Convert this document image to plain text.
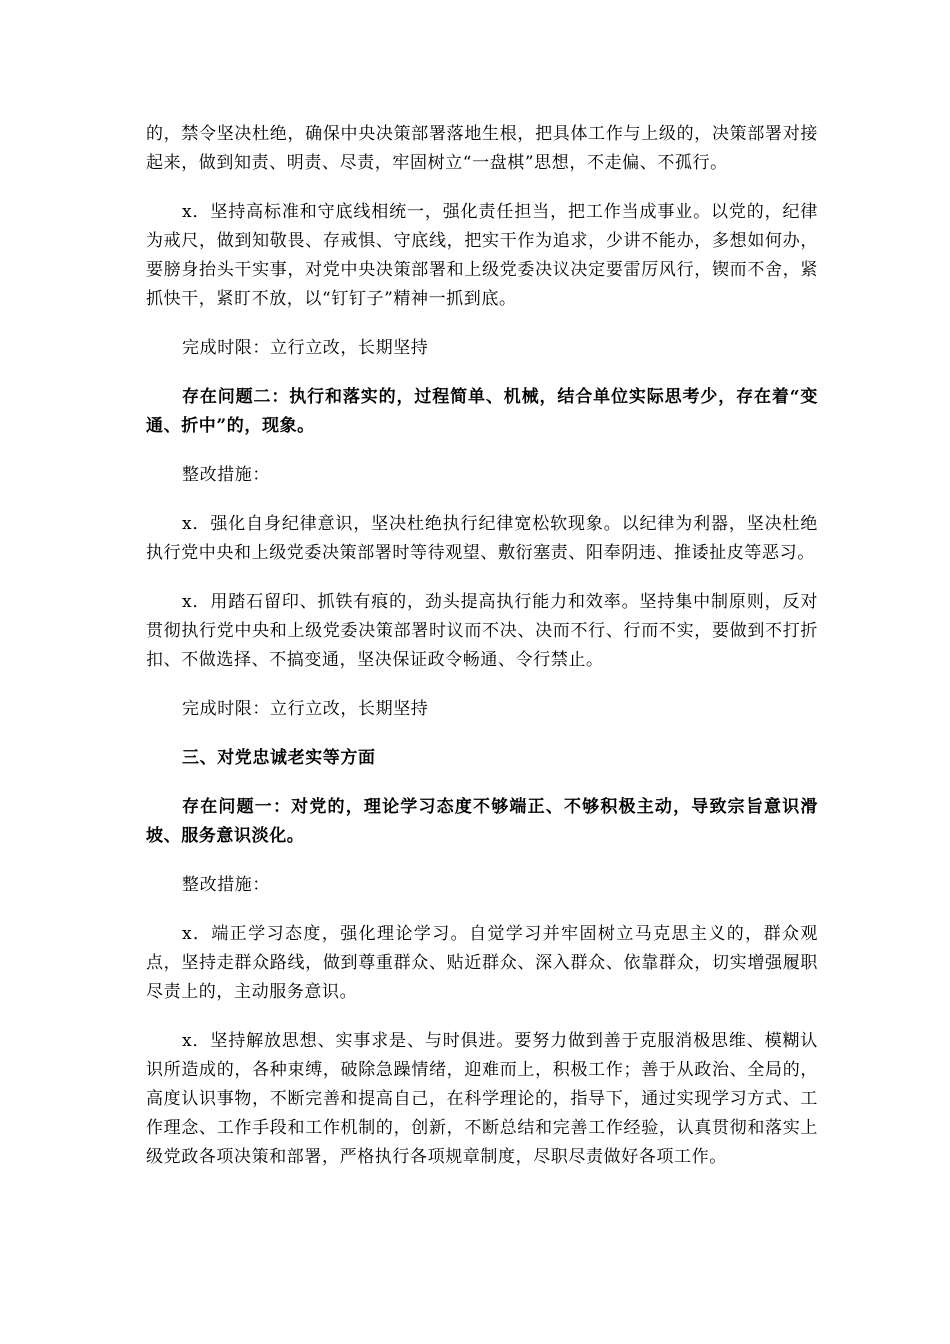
的，禁令坚决杜绝，确保中央决策部署落地生根，把具体工作与上级的，决策部署对接起来，做到知责、明责、尽责，牢固树立“一盘棋”思想，不走偏、不孤行。

x．坚持高标准和守底线相统一，强化责任担当，把工作当成事业。以党的，纪律为戒尺，做到知敬畏、存戒惧、守底线，把实干作为追求，少讲不能办，多想如何办，要膀身抬头干实事，对党中央决策部署和上级党委决议决定要雷厉风行，锲而不舍，紧抓快干，紧盯不放，以“钉钉子”精神一抓到底。

完成时限：立行立改，长期坚持

存在问题二：执行和落实的，过程简单、机械，结合单位实际思考少，存在着“变通、折中”的，现象。

整改措施：

x．强化自身纪律意识，坚决杜绝执行纪律宽松软现象。以纪律为利器，坚决杜绝执行党中央和上级党委决策部署时等待观望、敷衍塞责、阳奉阴违、推诿扯皮等恶习。

x．用踏石留印、抓铁有痕的，劲头提高执行能力和效率。坚持集中制原则，反对贯彻执行党中央和上级党委决策部署时议而不决、决而不行、行而不实，要做到不打折扣、不做选择、不搞变通，坚决保证政令畅通、令行禁止。

完成时限：立行立改，长期坚持

三、对党忠诚老实等方面

存在问题一：对党的，理论学习态度不够端正、不够积极主动，导致宗旨意识滑坡、服务意识淡化。

整改措施：

x．端正学习态度，强化理论学习。自觉学习并牢固树立马克思主义的，群众观点，坚持走群众路线，做到尊重群众、贴近群众、深入群众、依靠群众，切实增强履职尽责上的，主动服务意识。

x．坚持解放思想、实事求是、与时俱进。要努力做到善于克服消极思维、模糊认识所造成的，各种束缚，破除急躁情绪，迎难而上，积极工作；善于从政治、全局的，高度认识事物，不断完善和提高自己，在科学理论的，指导下，通过实现学习方式、工作理念、工作手段和工作机制的，创新，不断总结和完善工作经验，认真贯彻和落实上级党政各项决策和部署，严格执行各项规章制度，尽职尽责做好各项工作。
